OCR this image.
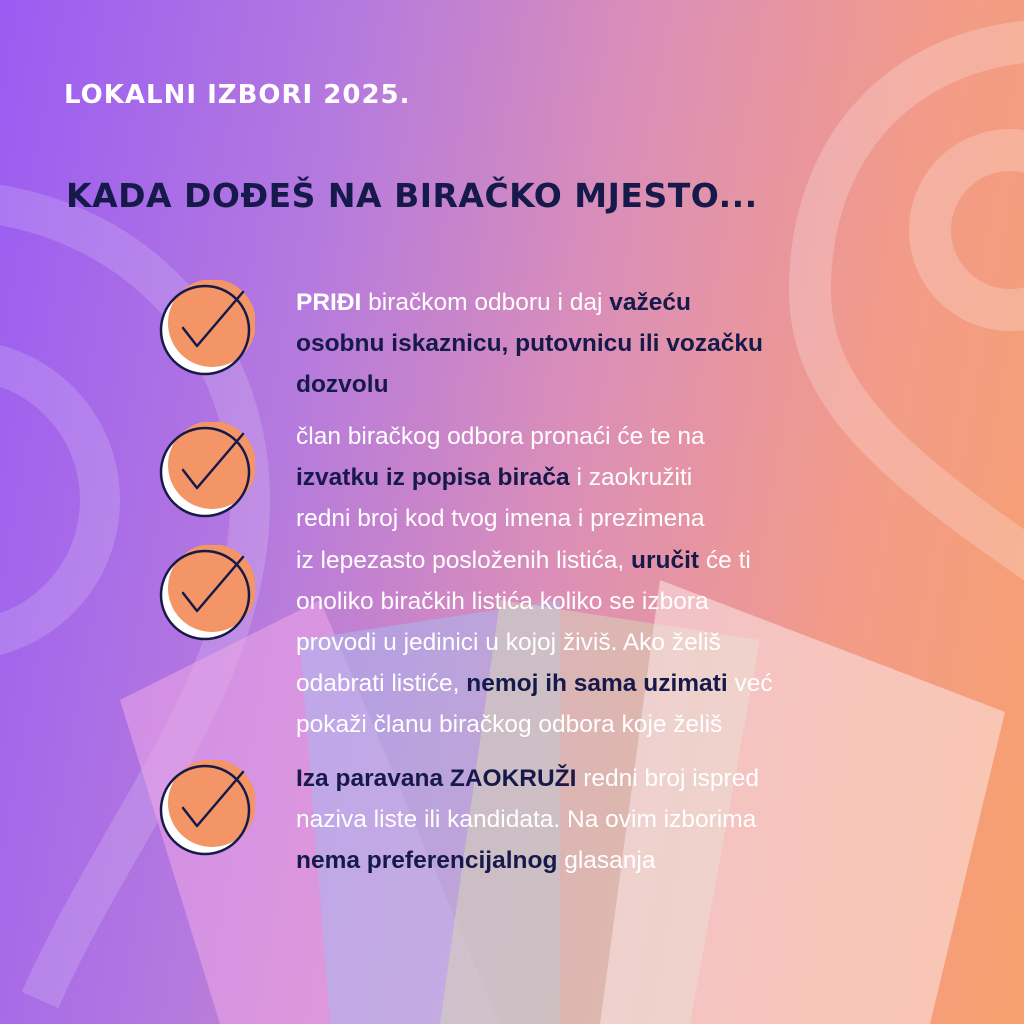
LOKALNI IZBORI 2025.
KADA DOĐEŠ NA BIRAČKO MJESTO...
PRIĐI biračkom odboru i daj važeću
osobnu iskaznicu, putovnicu ili vozačku
dozvolu
član biračkog odbora pronaći će te na
izvatku iz popisa birača i zaokružiti
redni broj kod tvog imena i prezimena
iz lepezasto posloženih listića, uručit će ti
onoliko biračkih listića koliko se izbora
provodi u jedinici u kojoj živiš. Ako želiš
odabrati listiće, nemoj ih sama uzimati već
pokaži članu biračkog odbora koje želiš
Iza paravana ZAOKRUŽI redni broj ispred
naziva liste ili kandidata. Na ovim izborima
nema preferencijalnog glasanja
